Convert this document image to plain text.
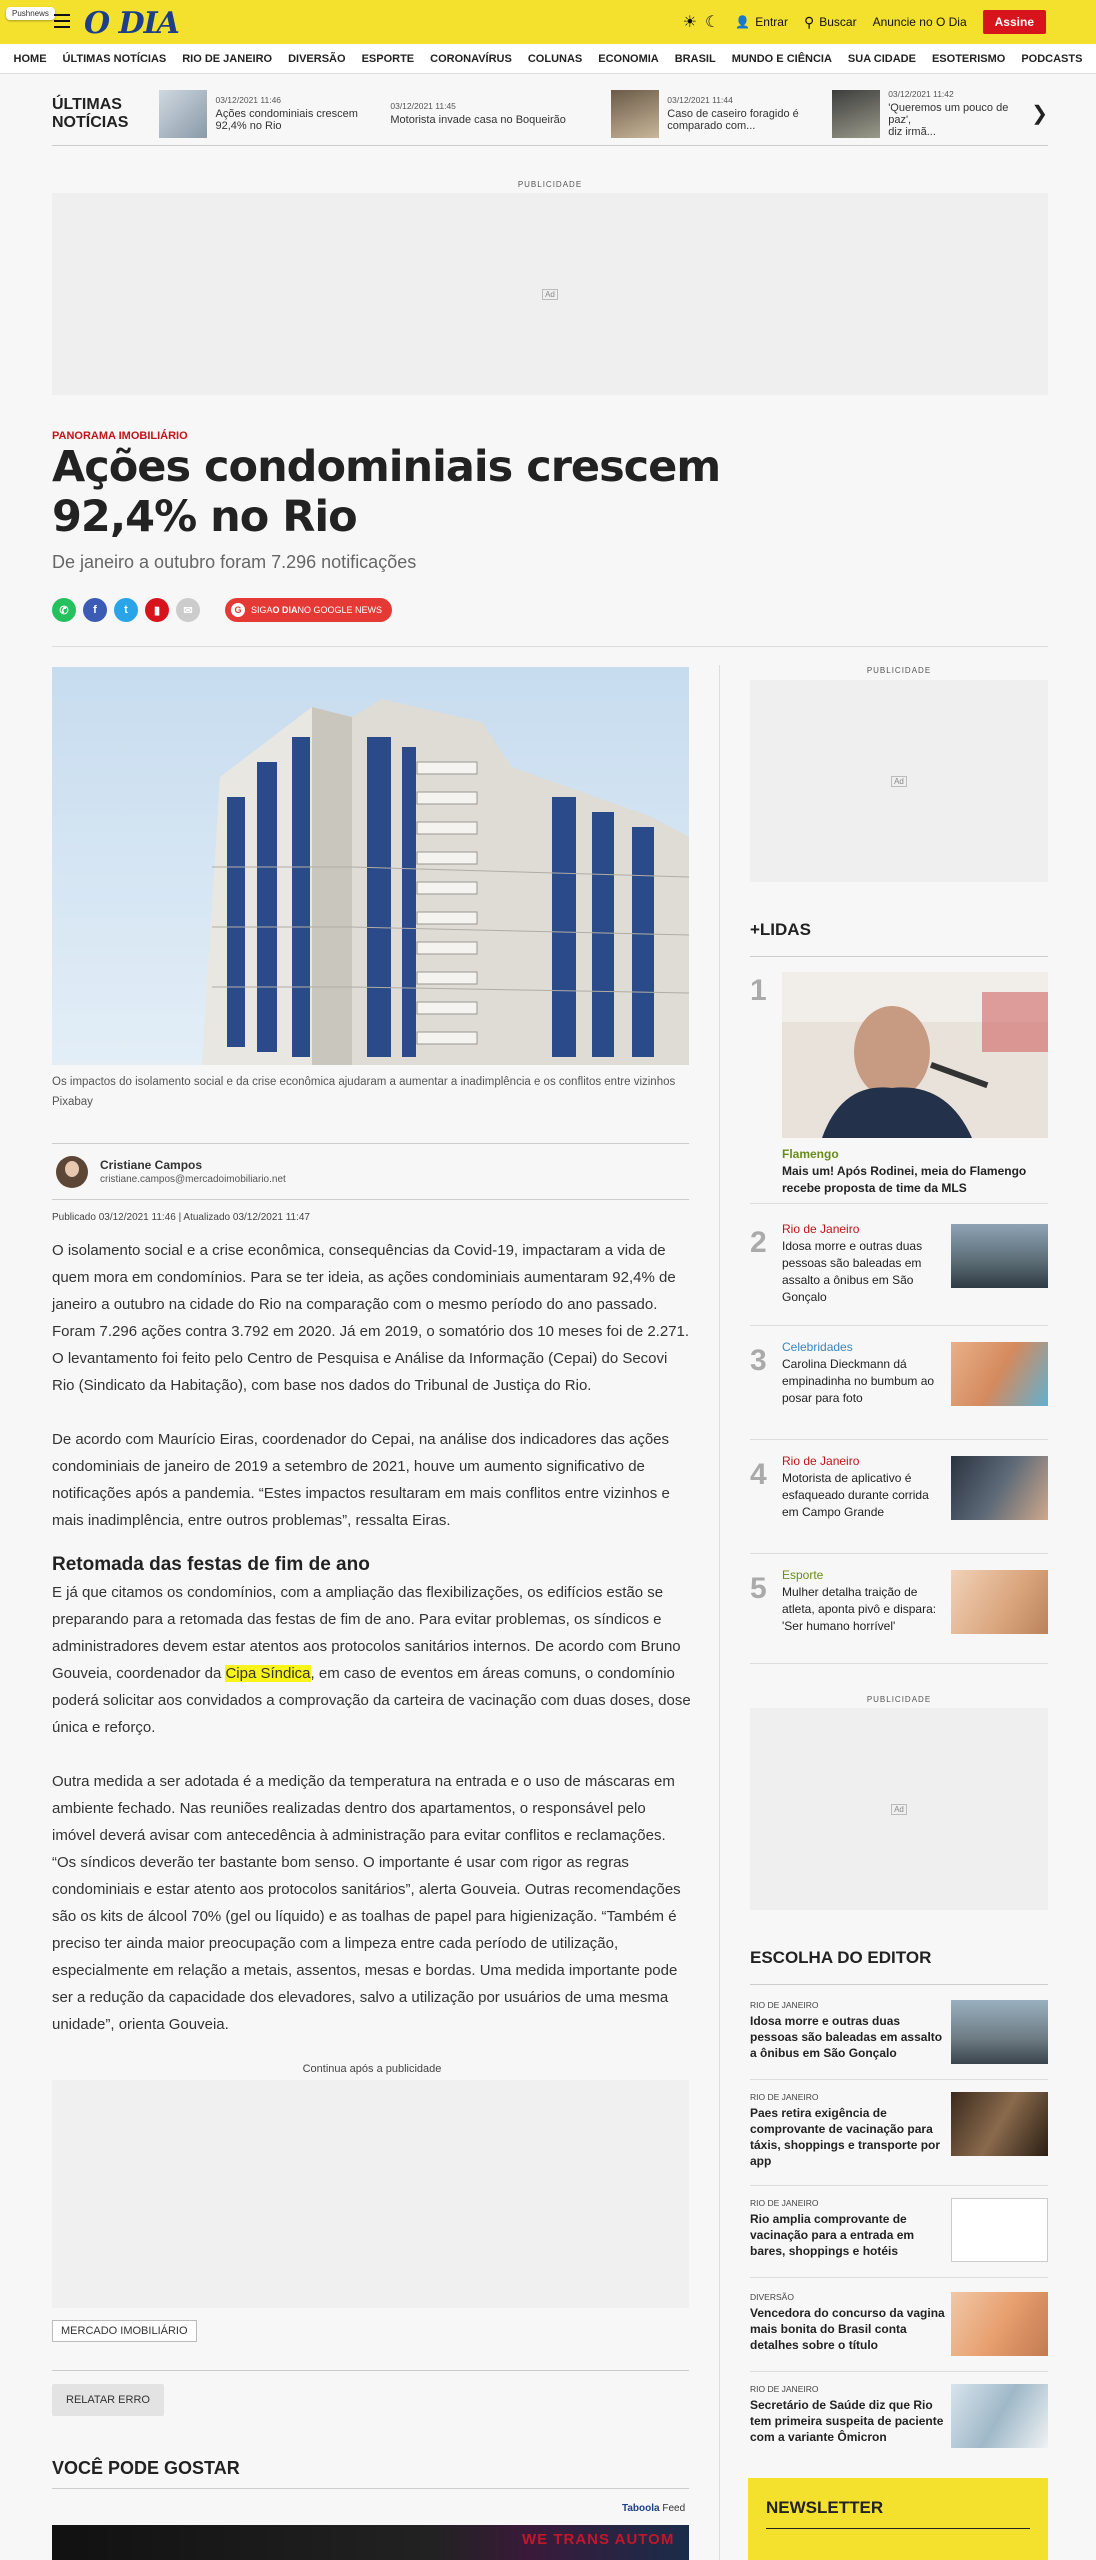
Pushnews O DIA	☀ ☾ 👤 Entrar ⚲ Buscar Anuncie no O Dia	Assine
HOME ÚLTIMAS NOTÍCIAS RIO DE JANEIRO DIVERSÃO ESPORTE CORONAVÍRUS COLUNAS ECONOMIA BRASIL MUNDO E CIÊNCIA SUA CIDADE ESOTERISMO PODCASTS
ÚLTIMAS
NOTÍCIAS
03/12/2021 11:46
Ações condominiais crescem
92,4% no Rio
03/12/2021 11:45
Motorista invade casa no Boqueirão
03/12/2021 11:44
Caso de caseiro foragido é
comparado com...
03/12/2021 11:42
'Queremos um pouco de paz',
diz irmã...
❯
PUBLICIDADE
Ad
PANORAMA IMOBILIÁRIO
Ações condominiais crescem 92,4% no Rio
De janeiro a outubro foram 7.296 notificações
✆	f	t	▮	✉	G	SIGA O DIA NO GOOGLE NEWS
Os impactos do isolamento social e da crise econômica ajudaram a aumentar a inadimplência e os conflitos entre vizinhos
Pixabay
Cristiane Campos
cristiane.campos@mercadoimobiliario.net
Publicado 03/12/2021 11:46 | Atualizado 03/12/2021 11:47

O isolamento social e a crise econômica, consequências da Covid-19, impactaram a vida de quem mora em condomínios. Para se ter ideia, as ações condominiais aumentaram 92,4% de janeiro a outubro na cidade do Rio na comparação com o mesmo período do ano passado. Foram 7.296 ações contra 3.792 em 2020. Já em 2019, o somatório dos 10 meses foi de 2.271. O levantamento foi feito pelo Centro de Pesquisa e Análise da Informação (Cepai) do Secovi Rio (Sindicato da Habitação), com base nos dados do Tribunal de Justiça do Rio.

De acordo com Maurício Eiras, coordenador do Cepai, na análise dos indicadores das ações condominiais de janeiro de 2019 a setembro de 2021, houve um aumento significativo de notificações após a pandemia. “Estes impactos resultaram em mais conflitos entre vizinhos e mais inadimplência, entre outros problemas”, ressalta Eiras.

Retomada das festas de fim de ano

E já que citamos os condomínios, com a ampliação das flexibilizações, os edifícios estão se preparando para a retomada das festas de fim de ano. Para evitar problemas, os síndicos e administradores devem estar atentos aos protocolos sanitários internos. De acordo com Bruno Gouveia, coordenador da Cipa Síndica, em caso de eventos em áreas comuns, o condomínio poderá solicitar aos convidados a comprovação da carteira de vacinação com duas doses, dose única e reforço.

Outra medida a ser adotada é a medição da temperatura na entrada e o uso de máscaras em ambiente fechado. Nas reuniões realizadas dentro dos apartamentos, o responsável pelo imóvel deverá avisar com antecedência à administração para evitar conflitos e reclamações. “Os síndicos deverão ter bastante bom senso. O importante é usar com rigor as regras condominiais e estar atento aos protocolos sanitários”, alerta Gouveia. Outras recomendações são os kits de álcool 70% (gel ou líquido) e as toalhas de papel para higienização. “Também é preciso ter ainda maior preocupação com a limpeza entre cada período de utilização, especialmente em relação a metais, assentos, mesas e bordas. Uma medida importante pode ser a redução da capacidade dos elevadores, salvo a utilização por usuários de uma mesma unidade”, orienta Gouveia.

Continua após a publicidade
MERCADO IMOBILIÁRIO
RELATAR ERRO
VOCÊ PODE GOSTAR
Taboola Feed
WE TRANS AUTOM
PUBLICIDADE
Ad
+LIDAS
1
Flamengo
Mais um! Após Rodinei, meia do Flamengo recebe proposta de time da MLS
2 Rio de Janeiro
Idosa morre e outras duas pessoas são baleadas em assalto a ônibus em São Gonçalo
3 Celebridades
Carolina Dieckmann dá empinadinha no bumbum ao posar para foto
4 Rio de Janeiro
Motorista de aplicativo é esfaqueado durante corrida em Campo Grande
5 Esporte
Mulher detalha traição de atleta, aponta pivô e dispara: 'Ser humano horrível'
PUBLICIDADE
Ad
ESCOLHA DO EDITOR
RIO DE JANEIRO
Idosa morre e outras duas pessoas são baleadas em assalto a ônibus em São Gonçalo
RIO DE JANEIRO
Paes retira exigência de comprovante de vacinação para táxis, shoppings e transporte por app
RIO DE JANEIRO
Rio amplia comprovante de vacinação para a entrada em bares, shoppings e hotéis
DIVERSÃO
Vencedora do concurso da vagina mais bonita do Brasil conta detalhes sobre o título
RIO DE JANEIRO
Secretário de Saúde diz que Rio tem primeira suspeita de paciente com a variante Ômicron
NEWSLETTER
